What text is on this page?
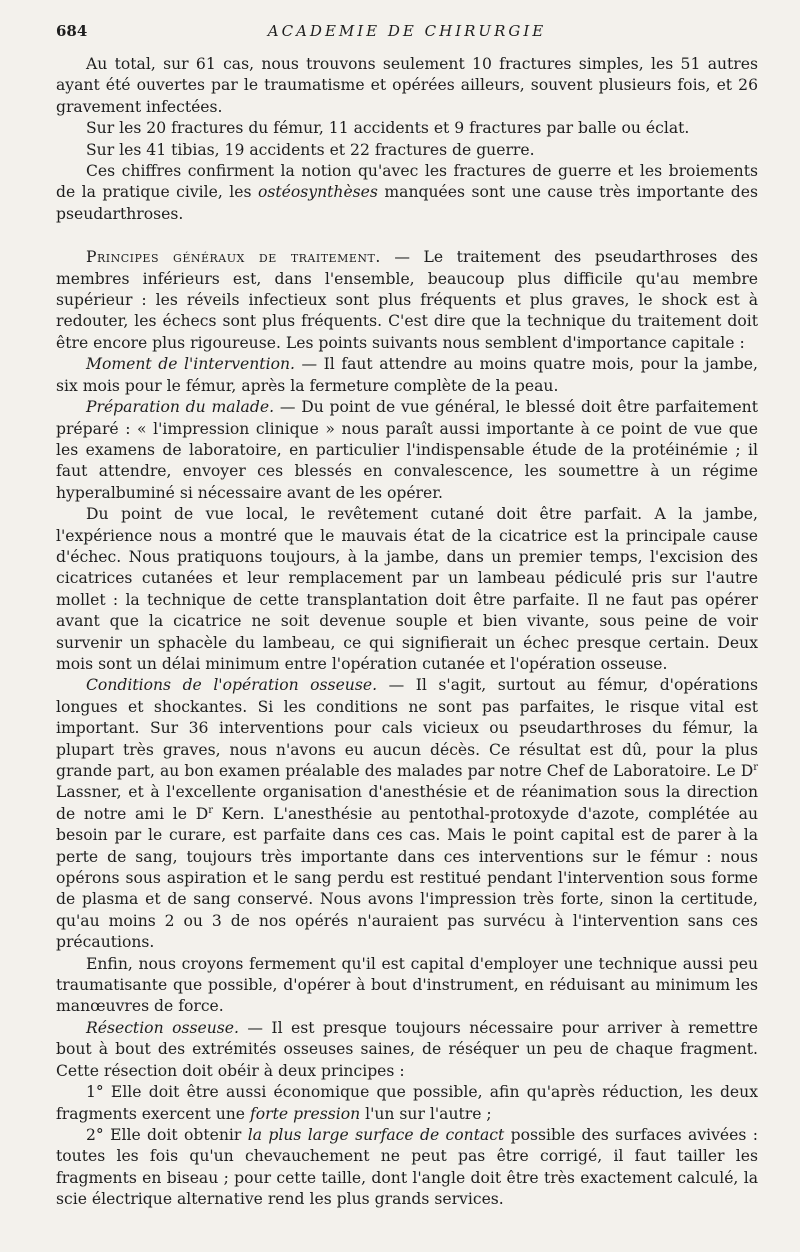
684	ACADEMIE DE CHIRURGIE

Au total, sur 61 cas, nous trouvons seulement 10 fractures simples, les 51 autres ayant été ouvertes par le traumatisme et opérées ailleurs, souvent plusieurs fois, et 26 gravement infectées.

Sur les 20 fractures du fémur, 11 accidents et 9 fractures par balle ou éclat.

Sur les 41 tibias, 19 accidents et 22 fractures de guerre.

Ces chiffres confirment la notion qu'avec les fractures de guerre et les broiements de la pratique civile, les ostéosynthèses manquées sont une cause très importante des pseudarthroses.

Principes généraux de traitement. — Le traitement des pseudarthroses des membres inférieurs est, dans l'ensemble, beaucoup plus difficile qu'au membre supérieur : les réveils infectieux sont plus fréquents et plus graves, le shock est à redouter, les échecs sont plus fréquents. C'est dire que la technique du traitement doit être encore plus rigoureuse. Les points suivants nous semblent d'importance capitale :

Moment de l'intervention. — Il faut attendre au moins quatre mois, pour la jambe, six mois pour le fémur, après la fermeture complète de la peau.

Préparation du malade. — Du point de vue général, le blessé doit être parfaitement préparé : « l'impression clinique » nous paraît aussi importante à ce point de vue que les examens de laboratoire, en particulier l'indispensable étude de la protéinémie ; il faut attendre, envoyer ces blessés en convalescence, les soumettre à un régime hyperalbuminé si nécessaire avant de les opérer.

Du point de vue local, le revêtement cutané doit être parfait. A la jambe, l'expérience nous a montré que le mauvais état de la cicatrice est la principale cause d'échec. Nous pratiquons toujours, à la jambe, dans un premier temps, l'excision des cicatrices cutanées et leur remplacement par un lambeau pédiculé pris sur l'autre mollet : la technique de cette transplantation doit être parfaite. Il ne faut pas opérer avant que la cicatrice ne soit devenue souple et bien vivante, sous peine de voir survenir un sphacèle du lambeau, ce qui signifierait un échec presque certain. Deux mois sont un délai minimum entre l'opération cutanée et l'opération osseuse.

Conditions de l'opération osseuse. — Il s'agit, surtout au fémur, d'opérations longues et shockantes. Si les conditions ne sont pas parfaites, le risque vital est important. Sur 36 interventions pour cals vicieux ou pseudarthroses du fémur, la plupart très graves, nous n'avons eu aucun décès. Ce résultat est dû, pour la plus grande part, au bon examen préalable des malades par notre Chef de Laboratoire. Le $D^r$ Lassner, et à l'excellente organisation d'anesthésie et de réanimation sous la direction de notre ami le $D^r$ Kern. L'anesthésie au pentothal-protoxyde d'azote, complétée au besoin par le curare, est parfaite dans ces cas. Mais le point capital est de parer à la perte de sang, toujours très importante dans ces interventions sur le fémur : nous opérons sous aspiration et le sang perdu est restitué pendant l'intervention sous forme de plasma et de sang conservé. Nous avons l'impression très forte, sinon la certitude, qu'au moins 2 ou 3 de nos opérés n'auraient pas survécu à l'intervention sans ces précautions.

Enfin, nous croyons fermement qu'il est capital d'employer une technique aussi peu traumatisante que possible, d'opérer à bout d'instrument, en réduisant au minimum les manœuvres de force.

Résection osseuse. — Il est presque toujours nécessaire pour arriver à remettre bout à bout des extrémités osseuses saines, de réséquer un peu de chaque fragment. Cette résection doit obéir à deux principes :

1° Elle doit être aussi économique que possible, afin qu'après réduction, les deux fragments exercent une forte pression l'un sur l'autre ;

2° Elle doit obtenir la plus large surface de contact possible des surfaces avivées : toutes les fois qu'un chevauchement ne peut pas être corrigé, il faut tailler les fragments en biseau ; pour cette taille, dont l'angle doit être très exactement calculé, la scie électrique alternative rend les plus grands services.
